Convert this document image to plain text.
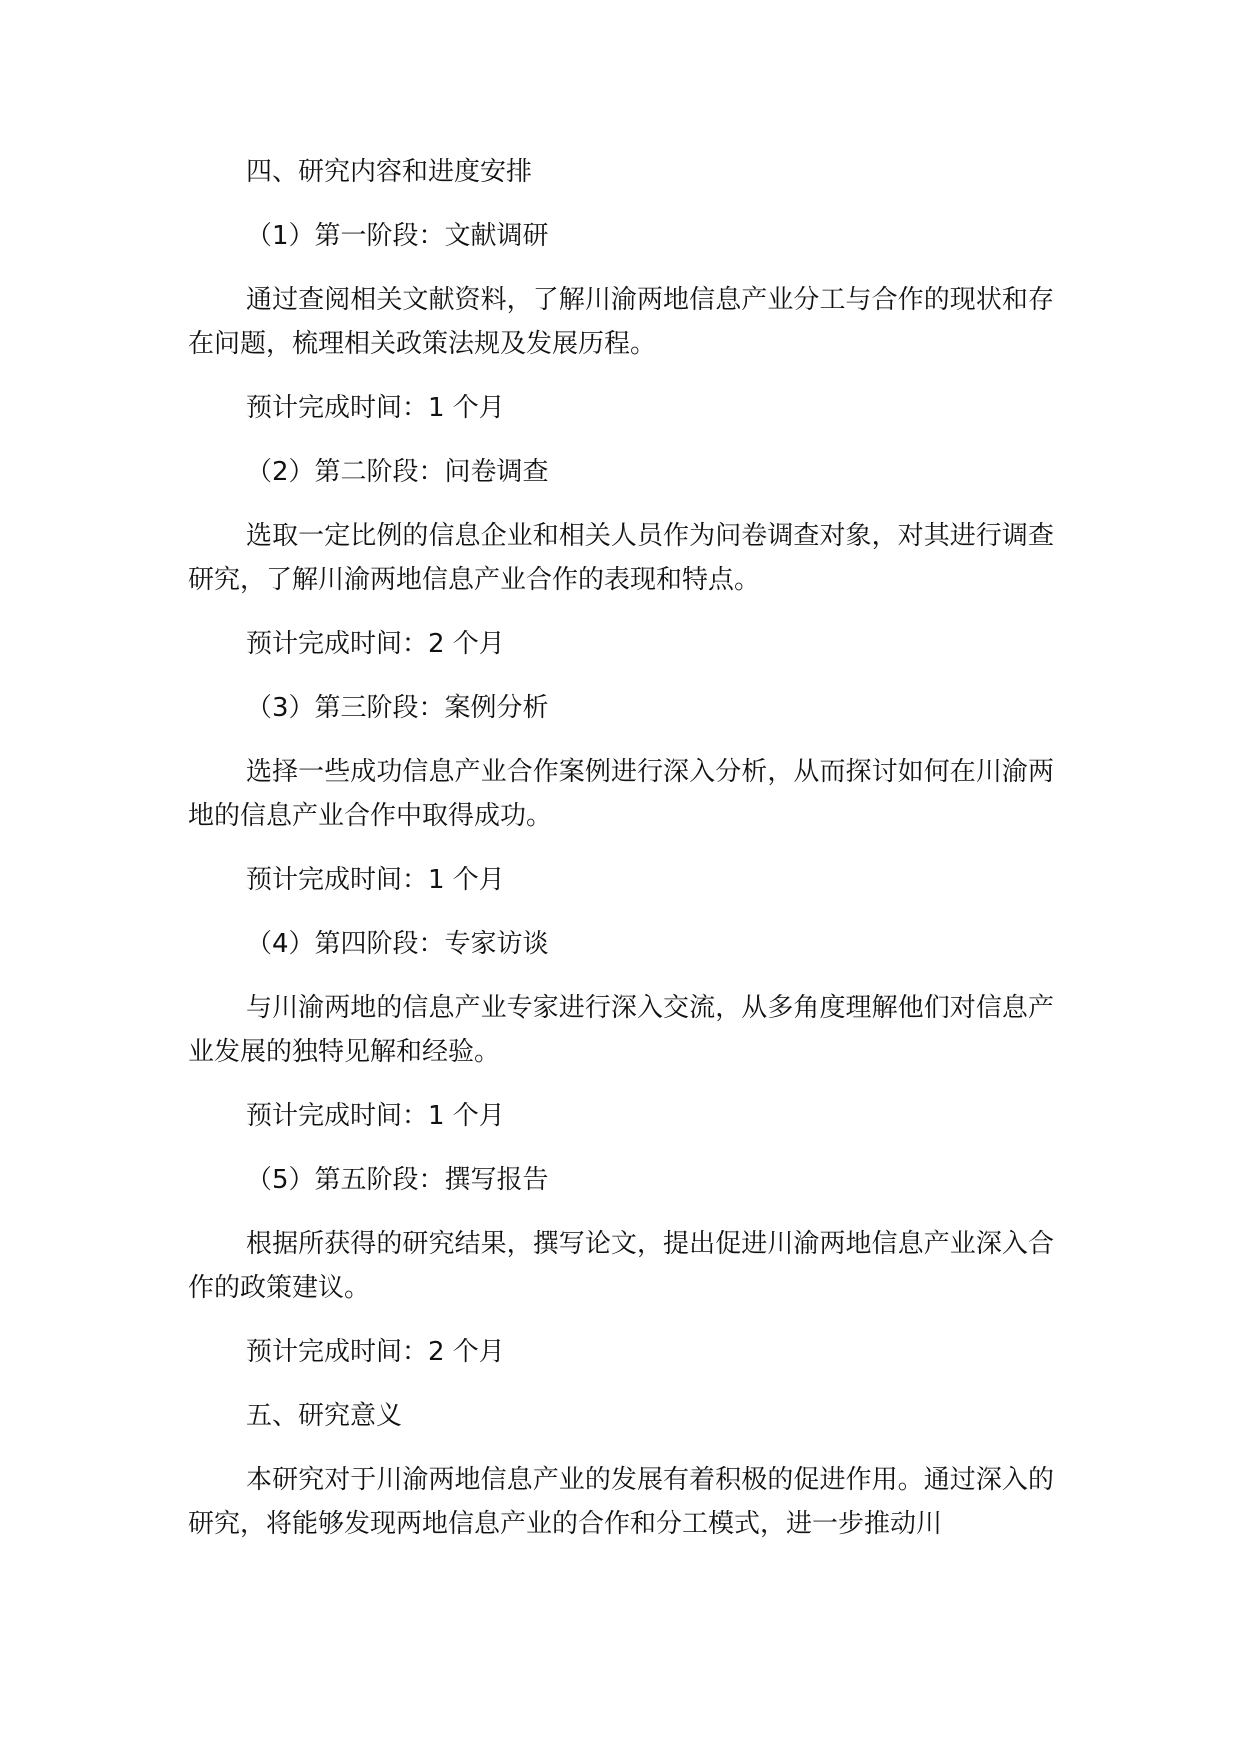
四、研究内容和进度安排

（1）第一阶段：文献调研

通过查阅相关文献资料，了解川渝两地信息产业分工与合作的现状和存在问题，梳理相关政策法规及发展历程。

预计完成时间：1 个月

（2）第二阶段：问卷调查

选取一定比例的信息企业和相关人员作为问卷调查对象，对其进行调查研究，了解川渝两地信息产业合作的表现和特点。

预计完成时间：2 个月

（3）第三阶段：案例分析

选择一些成功信息产业合作案例进行深入分析，从而探讨如何在川渝两地的信息产业合作中取得成功。

预计完成时间：1 个月

（4）第四阶段：专家访谈

与川渝两地的信息产业专家进行深入交流，从多角度理解他们对信息产业发展的独特见解和经验。

预计完成时间：1 个月

（5）第五阶段：撰写报告

根据所获得的研究结果，撰写论文，提出促进川渝两地信息产业深入合作的政策建议。

预计完成时间：2 个月

五、研究意义

本研究对于川渝两地信息产业的发展有着积极的促进作用。通过深入的研究，将能够发现两地信息产业的合作和分工模式，进一步推动川
